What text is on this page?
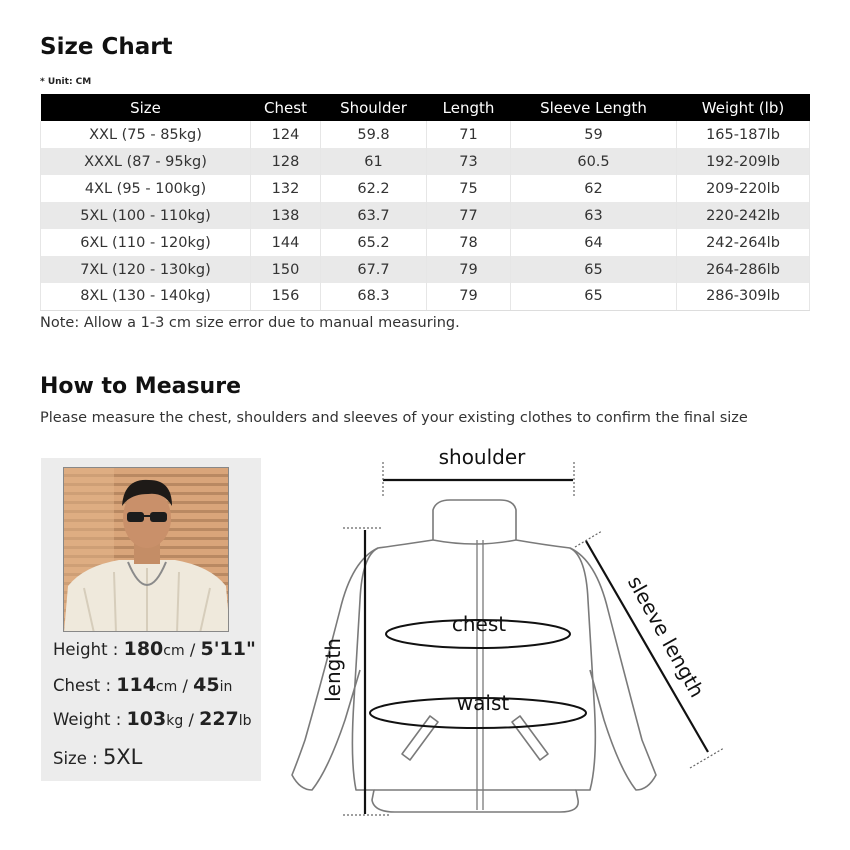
Size Chart
* Unit: CM
Size	Chest	Shoulder	Length	Sleeve Length	Weight (lb)
XXL (75 - 85kg)	124	59.8	71	59	165-187lb
XXXL (87 - 95kg)	128	61	73	60.5	192-209lb
4XL (95 - 100kg)	132	62.2	75	62	209-220lb
5XL (100 - 110kg)	138	63.7	77	63	220-242lb
6XL (110 - 120kg)	144	65.2	78	64	242-264lb
7XL (120 - 130kg)	150	67.7	79	65	264-286lb
8XL (130 - 140kg)	156	68.3	79	65	286-309lb
Note: Allow a 1-3 cm size error due to manual measuring.
How to Measure
Please measure the chest, shoulders and sleeves of your existing clothes to confirm the final size
Height : 180cm / 5'11"
Chest : 114cm / 45in
Weight : 103kg / 227lb
Size : 5XL
shoulder
chest
waist
length	sleeve length
